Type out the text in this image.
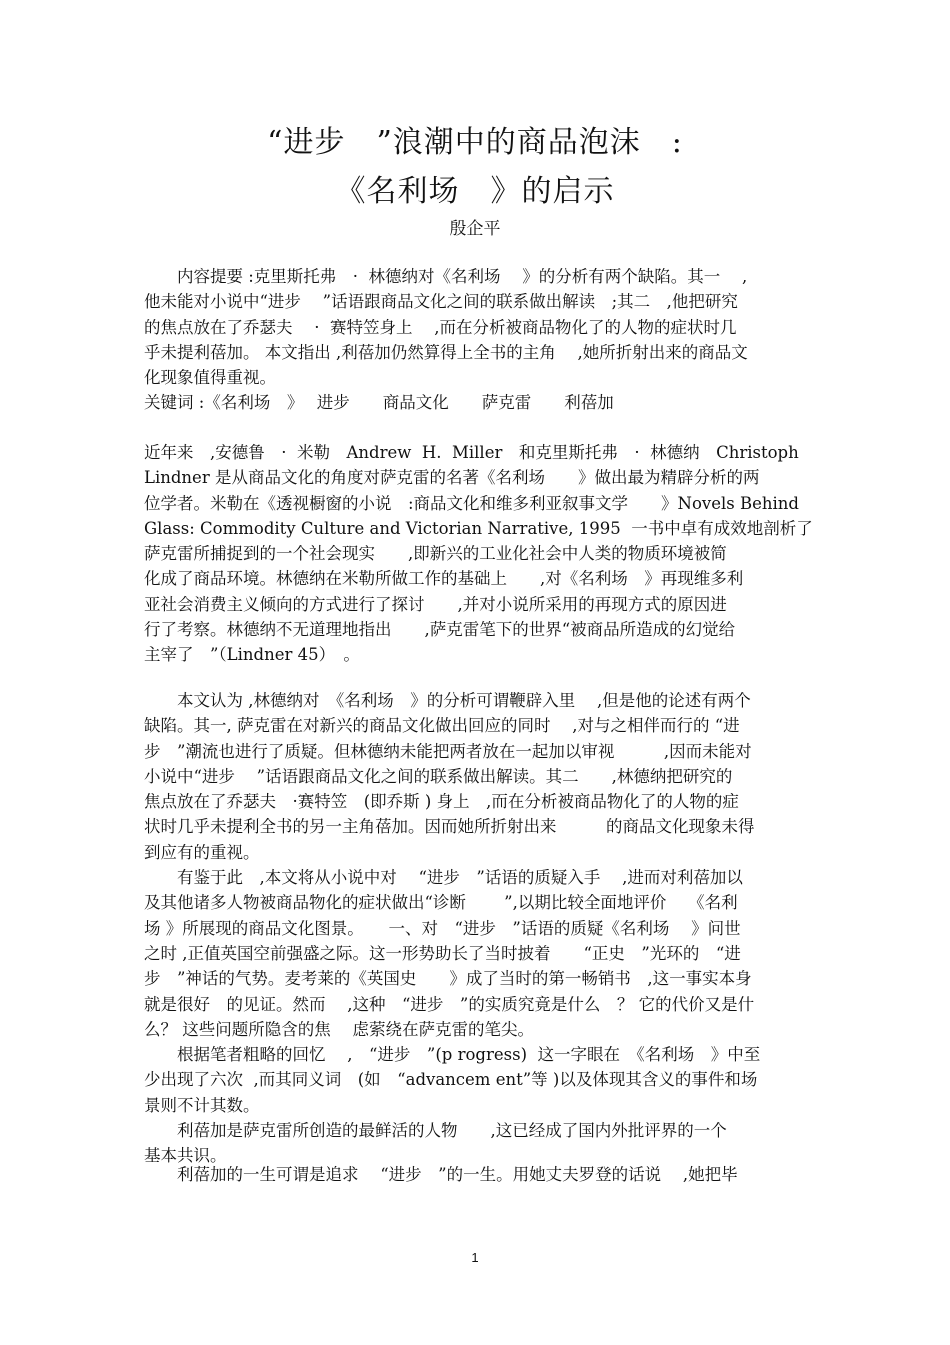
“进步　”浪潮中的商品泡沫　:
《名利场　》的启示
殷企平
　　内容提要 :克里斯托弗　·  林德纳对《名利场　 》的分析有两个缺陷。其一　 ,
他未能对小说中“进步　 ”话语跟商品文化之间的联系做出解读　;其二　,他把研究
的焦点放在了乔瑟夫　 ·  赛特笠身上　 ,而在分析被商品物化了的人物的症状时几
乎未提利蓓加。 本文指出 ,利蓓加仍然算得上全书的主角　 ,她所折射出来的商品文
化现象值得重视。
关键词 :《名利场　》　 进步　　商品文化　　萨克雷　　利蓓加
近年来　,安德鲁　·  米勒　Andrew  H.  Miller　和克里斯托弗　·  林德纳　Christoph
Lindner 是从商品文化的角度对萨克雷的名著《名利场　　》做出最为精辟分析的两
位学者。米勒在《透视橱窗的小说　:商品文化和维多利亚叙事文学　　》Novels Behind
Glass: Commodity Culture and Victorian Narrative, 1995  一书中卓有成效地剖析了
萨克雷所捕捉到的一个社会现实　　,即新兴的工业化社会中人类的物质环境被简
化成了商品环境。林德纳在米勒所做工作的基础上　　,对《名利场　》再现维多利
亚社会消费主义倾向的方式进行了探讨　　,并对小说所采用的再现方式的原因进
行了考察。林德纳不无道理地指出　　,萨克雷笔下的世界“被商品所造成的幻觉给
主宰了　”（Lindner 45）　。
　　本文认为 ,林德纳对　《名利场　》的分析可谓鞭辟入里　 ,但是他的论述有两个
缺陷。其一, 萨克雷在对新兴的商品文化做出回应的同时　 ,对与之相伴而行的 “进
步　”潮流也进行了质疑。但林德纳未能把两者放在一起加以审视　　　,因而未能对
小说中“进步　 ”话语跟商品文化之间的联系做出解读。其二　　,林德纳把研究的
焦点放在了乔瑟夫　·赛特笠　(即乔斯 ) 身上　,而在分析被商品物化了的人物的症
状时几乎未提利全书的另一主角蓓加。因而她所折射出来　　　的商品文化现象未得
到应有的重视。
　　有鉴于此　,本文将从小说中对　 “进步　”话语的质疑入手　 ,进而对利蓓加以
及其他诸多人物被商品物化的症状做出“诊断　　 ”,以期比较全面地评价　 《名利
场 》所展现的商品文化图景。　　一、对　“进步　”话语的质疑《名利场　 》问世
之时 ,正值英国空前强盛之际。这一形势助长了当时披着　　“正史　”光环的　“进
步　”神话的气势。麦考莱的《英国史　　》成了当时的第一畅销书　,这一事实本身
就是很好　的见证。然而　 ,这种　“进步　”的实质究竟是什么　？ 它的代价又是什
么？ 这些问题所隐含的焦　 虑萦绕在萨克雷的笔尖。
　　根据笔者粗略的回忆　 ,　“进步　”(p rogress)  这一字眼在　《名利场　》中至
少出现了六次  ,而其同义词　(如　“advancem ent”等 )以及体现其含义的事件和场
景则不计其数。
　　利蓓加是萨克雷所创造的最鲜活的人物　　,这已经成了国内外批评界的一个
基本共识。
　　利蓓加的一生可谓是追求　 “进步　”的一生。用她丈夫罗登的话说　 ,她把毕
1
